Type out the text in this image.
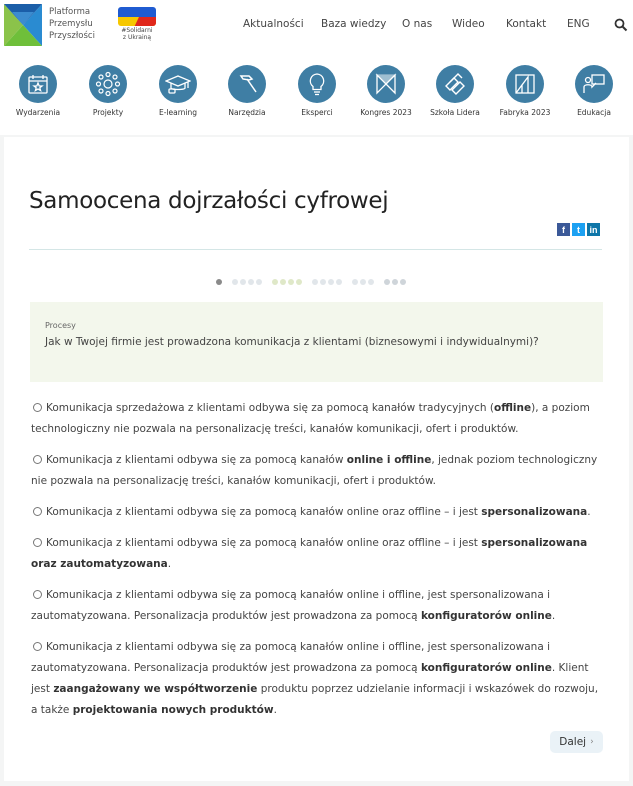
Platforma
Przemysłu
Przyszłości
#Solidarni
z Ukrainą
Aktualności Baza wiedzy O nas Wideo Kontakt ENG
Wydarzenia	Projekty	E-learning	Narzędzia	Eksperci	Kongres 2023	Szkoła Lidera	Fabryka 2023	Edukacja
Samoocena dojrzałości cyfrowej
f	t	in
Procesy
Jak w Twojej firmie jest prowadzona komunikacja z klientami (biznesowymi i indywidualnymi)?
Komunikacja sprzedażowa z klientami odbywa się za pomocą kanałów tradycyjnych (offline), a poziom technologiczny nie pozwala na personalizację treści, kanałów komunikacji, ofert i produktów.
Komunikacja z klientami odbywa się za pomocą kanałów online i offline, jednak poziom technologiczny nie pozwala na personalizację treści, kanałów komunikacji, ofert i produktów.
Komunikacja z klientami odbywa się za pomocą kanałów online oraz offline – i jest spersonalizowana.
Komunikacja z klientami odbywa się za pomocą kanałów online oraz offline – i jest spersonalizowana oraz zautomatyzowana.
Komunikacja z klientami odbywa się za pomocą kanałów online i offline, jest spersonalizowana i zautomatyzowana. Personalizacja produktów jest prowadzona za pomocą konfiguratorów online.
Komunikacja z klientami odbywa się za pomocą kanałów online i offline, jest spersonalizowana i zautomatyzowana. Personalizacja produktów jest prowadzona za pomocą konfiguratorów online. Klient jest zaangażowany we współtworzenie produktu poprzez udzielanie informacji i wskazówek do rozwoju, a także projektowania nowych produktów.
Dalej ›
